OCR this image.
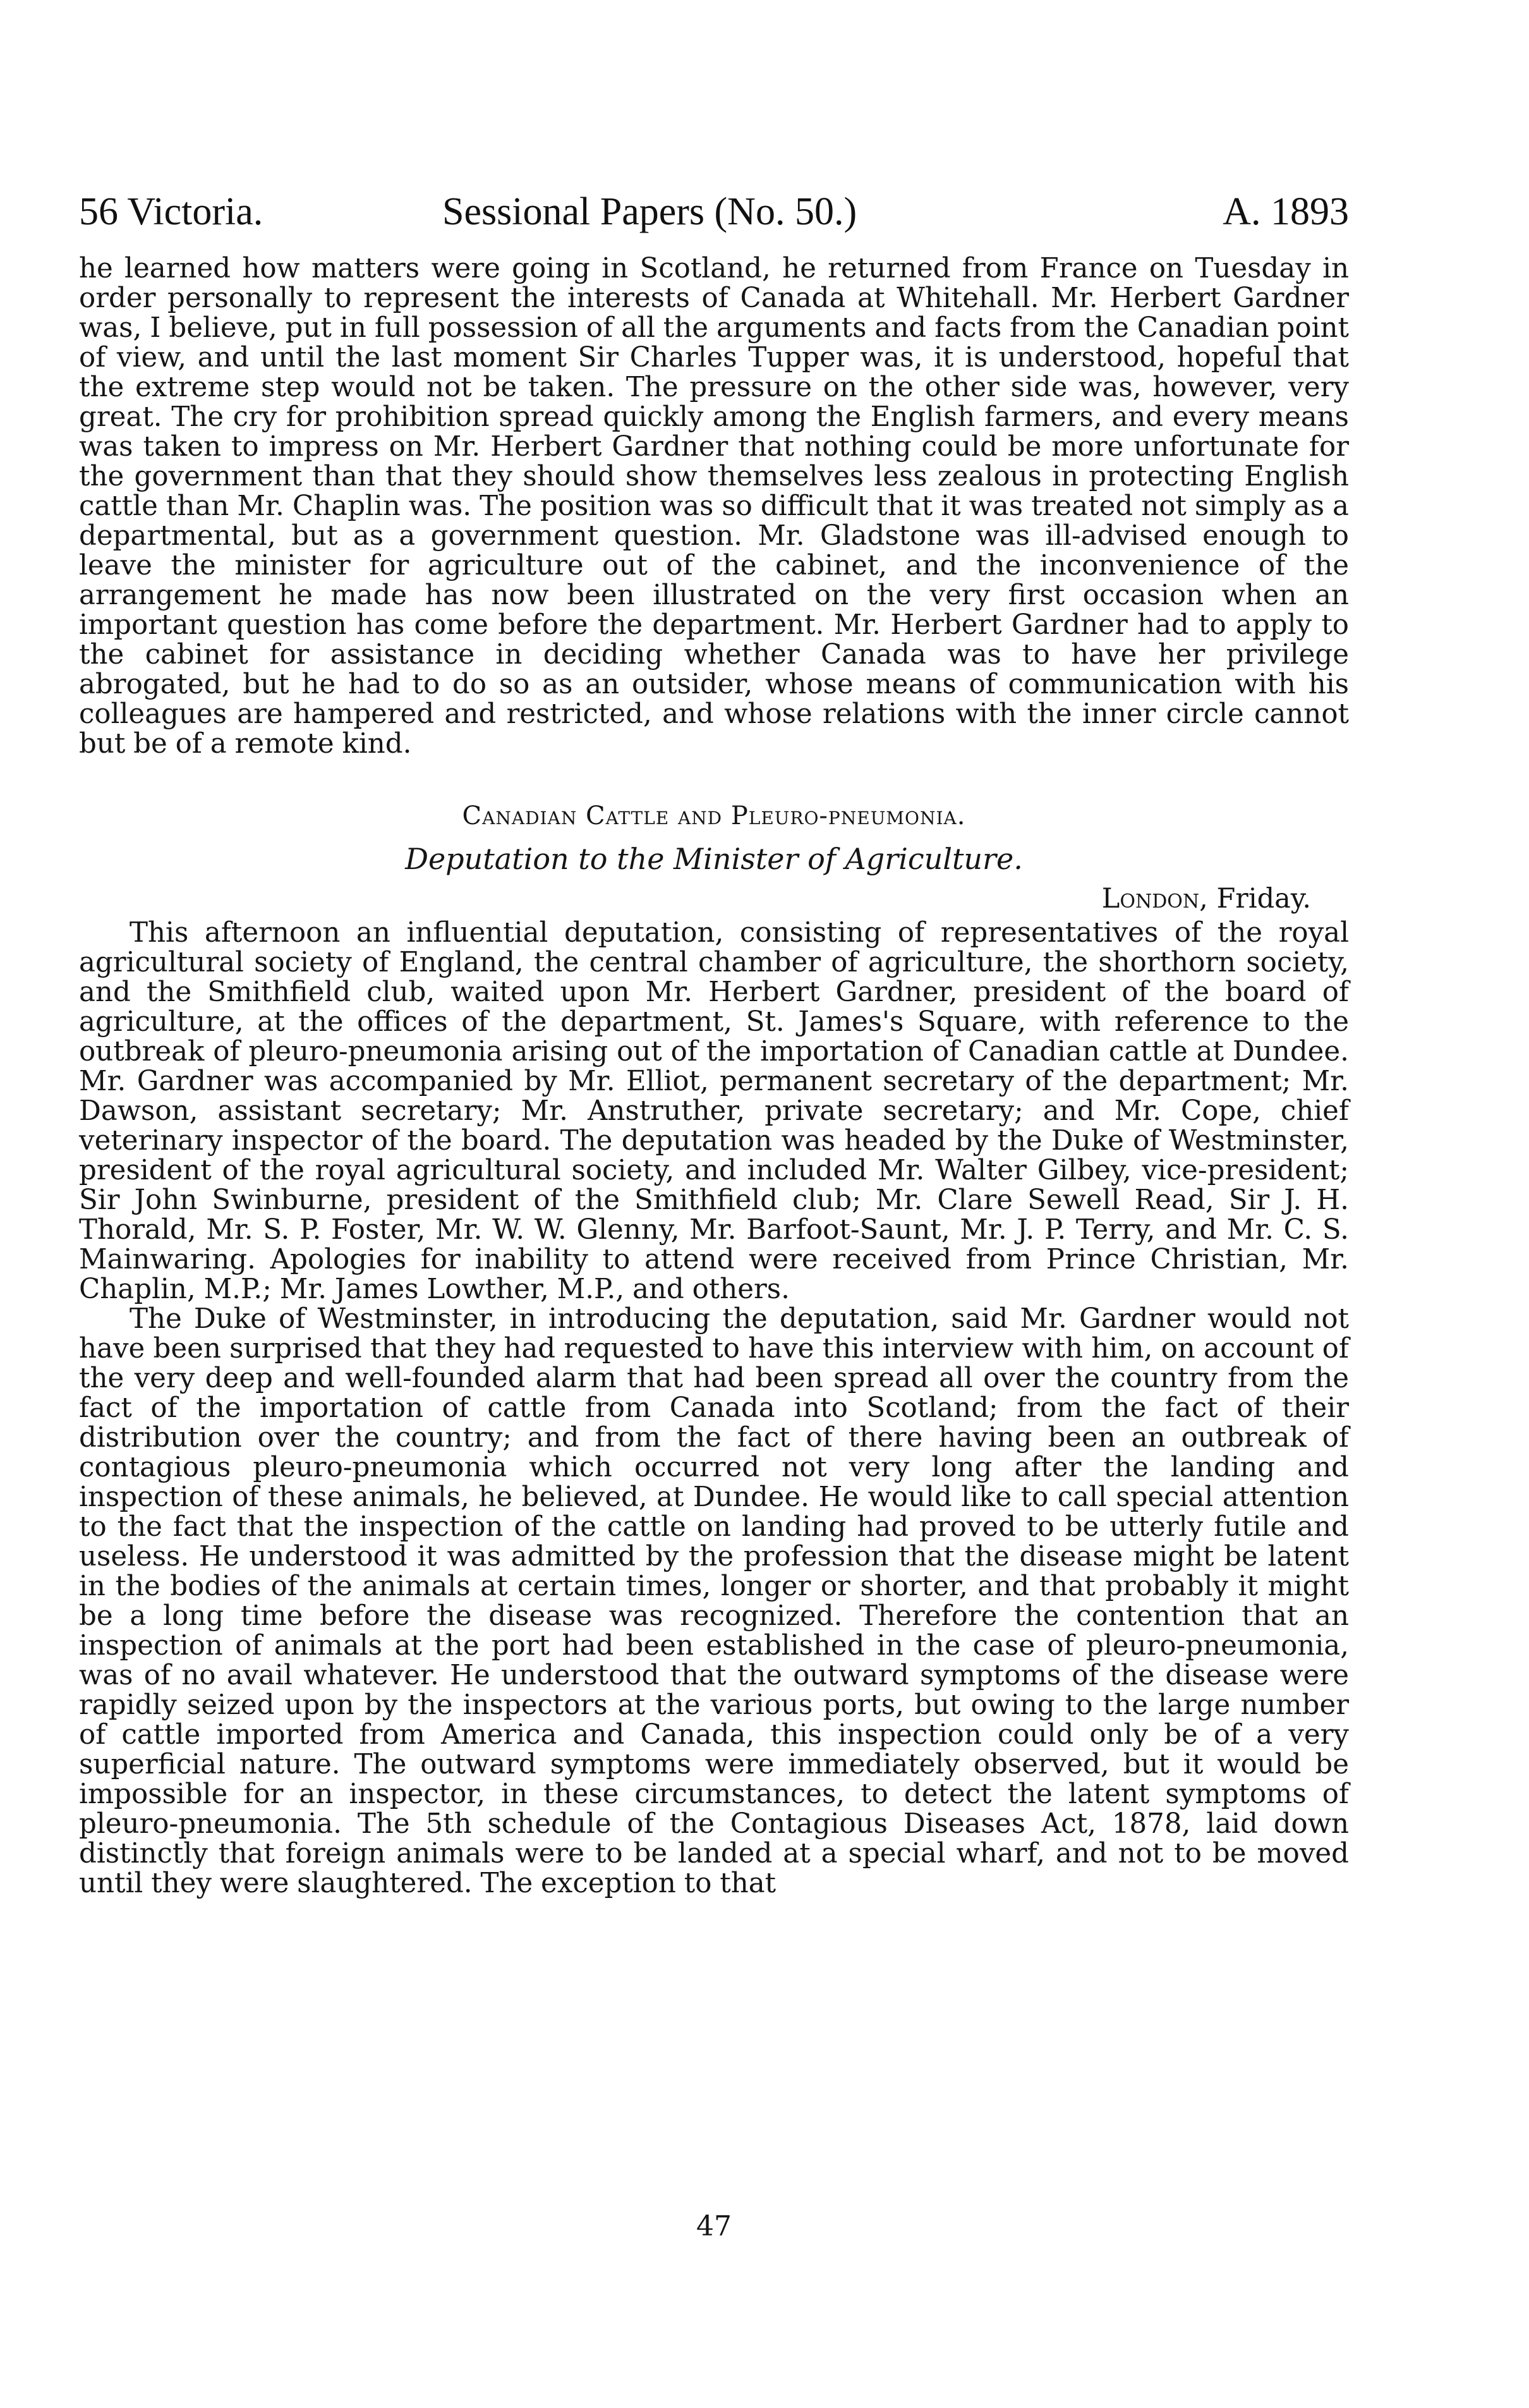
56 Victoria.	Sessional Papers (No. 50.)	A. 1893

he learned how matters were going in Scotland, he returned from France on Tuesday in order personally to represent the interests of Canada at Whitehall. Mr. Herbert Gardner was, I believe, put in full possession of all the arguments and facts from the Canadian point of view, and until the last moment Sir Charles Tupper was, it is understood, hopeful that the extreme step would not be taken. The pressure on the other side was, however, very great. The cry for prohibition spread quickly among the English farmers, and every means was taken to impress on Mr. Herbert Gardner that nothing could be more unfortunate for the government than that they should show themselves less zealous in protecting English cattle than Mr. Chaplin was. The position was so difficult that it was treated not simply as a departmental, but as a government question. Mr. Gladstone was ill-advised enough to leave the minister for agriculture out of the cabinet, and the inconvenience of the arrangement he made has now been illustrated on the very first occasion when an important question has come before the department. Mr. Herbert Gardner had to apply to the cabinet for assistance in deciding whether Canada was to have her privilege abrogated, but he had to do so as an outsider, whose means of communication with his colleagues are hampered and restricted, and whose relations with the inner circle cannot but be of a remote kind.

Canadian Cattle and Pleuro-pneumonia.
Deputation to the Minister of Agriculture.
London, Friday.

This afternoon an influential deputation, consisting of representatives of the royal agricultural society of England, the central chamber of agriculture, the shorthorn society, and the Smithfield club, waited upon Mr. Herbert Gardner, president of the board of agriculture, at the offices of the department, St. James's Square, with reference to the outbreak of pleuro-pneumonia arising out of the importation of Canadian cattle at Dundee. Mr. Gardner was accompanied by Mr. Elliot, permanent secretary of the department; Mr. Dawson, assistant secretary; Mr. Anstruther, private secretary; and Mr. Cope, chief veterinary inspector of the board. The deputation was headed by the Duke of Westminster, president of the royal agricultural society, and included Mr. Walter Gilbey, vice-president; Sir John Swinburne, president of the Smithfield club; Mr. Clare Sewell Read, Sir J. H. Thorald, Mr. S. P. Foster, Mr. W. W. Glenny, Mr. Barfoot-Saunt, Mr. J. P. Terry, and Mr. C. S. Mainwaring. Apologies for inability to attend were received from Prince Christian, Mr. Chaplin, M.P.; Mr. James Lowther, M.P., and others.

The Duke of Westminster, in introducing the deputation, said Mr. Gardner would not have been surprised that they had requested to have this interview with him, on account of the very deep and well-founded alarm that had been spread all over the country from the fact of the importation of cattle from Canada into Scotland; from the fact of their distribution over the country; and from the fact of there having been an outbreak of contagious pleuro-pneumonia which occurred not very long after the landing and inspection of these animals, he believed, at Dundee. He would like to call special attention to the fact that the inspection of the cattle on landing had proved to be utterly futile and useless. He understood it was admitted by the profession that the disease might be latent in the bodies of the animals at certain times, longer or shorter, and that probably it might be a long time before the disease was recognized. Therefore the contention that an inspection of animals at the port had been established in the case of pleuro-pneumonia, was of no avail whatever. He understood that the outward symptoms of the disease were rapidly seized upon by the inspectors at the various ports, but owing to the large number of cattle imported from America and Canada, this inspection could only be of a very superficial nature. The outward symptoms were immediately observed, but it would be impossible for an inspector, in these circumstances, to detect the latent symptoms of pleuro-pneumonia. The 5th schedule of the Contagious Diseases Act, 1878, laid down distinctly that foreign animals were to be landed at a special wharf, and not to be moved until they were slaughtered. The exception to that

47
